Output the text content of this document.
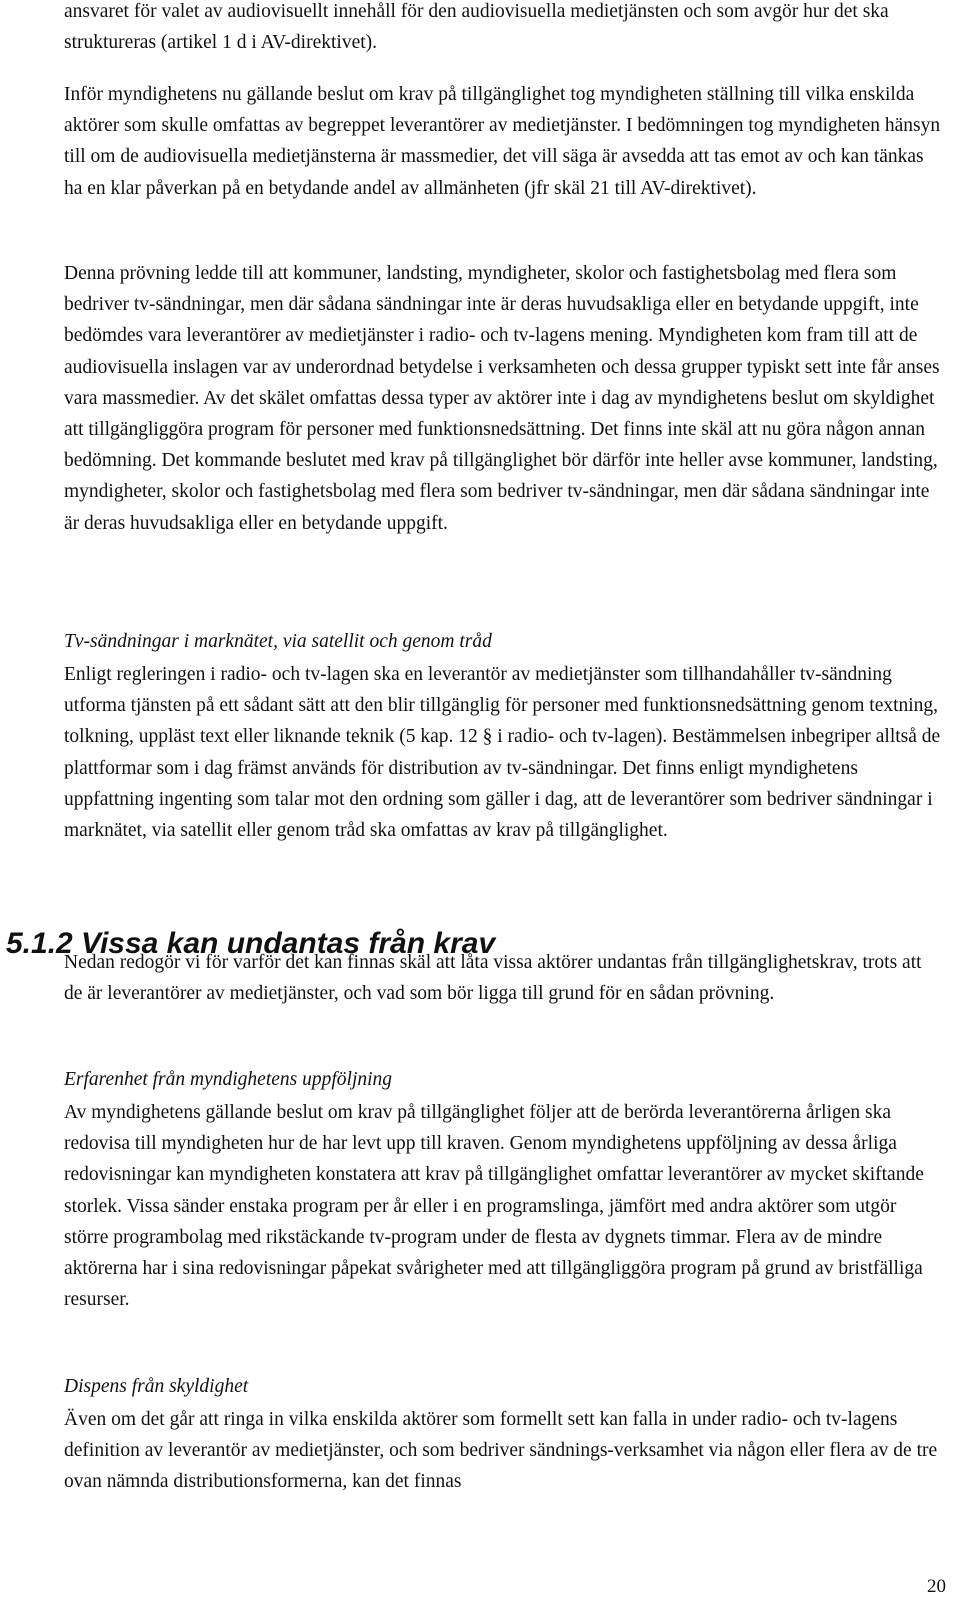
ansvaret för valet av audiovisuellt innehåll för den audiovisuella medietjänsten och som avgör hur det ska struktureras (artikel 1 d i AV-direktivet).

Inför myndighetens nu gällande beslut om krav på tillgänglighet tog myndigheten ställning till vilka enskilda aktörer som skulle omfattas av begreppet leverantörer av medietjänster. I bedömningen tog myndigheten hänsyn till om de audiovisuella medietjänsterna är massmedier, det vill säga är avsedda att tas emot av och kan tänkas ha en klar påverkan på en betydande andel av allmänheten (jfr skäl 21 till AV-direktivet).

Denna prövning ledde till att kommuner, landsting, myndigheter, skolor och fastighetsbolag med flera som bedriver tv-sändningar, men där sådana sändningar inte är deras huvudsakliga eller en betydande uppgift, inte bedömdes vara leverantörer av medietjänster i radio- och tv-lagens mening. Myndigheten kom fram till att de audiovisuella inslagen var av underordnad betydelse i verksamheten och dessa grupper typiskt sett inte får anses vara massmedier. Av det skälet omfattas dessa typer av aktörer inte i dag av myndighetens beslut om skyldighet att tillgängliggöra program för personer med funktionsnedsättning. Det finns inte skäl att nu göra någon annan bedömning. Det kommande beslutet med krav på tillgänglighet bör därför inte heller avse kommuner, landsting, myndigheter, skolor och fastighetsbolag med flera som bedriver tv-sändningar, men där sådana sändningar inte är deras huvudsakliga eller en betydande uppgift.

Tv-sändningar i marknätet, via satellit och genom tråd

Enligt regleringen i radio- och tv-lagen ska en leverantör av medietjänster som tillhandahåller tv-sändning utforma tjänsten på ett sådant sätt att den blir tillgänglig för personer med funktionsnedsättning genom textning, tolkning, uppläst text eller liknande teknik (5 kap. 12 § i radio- och tv-lagen). Bestämmelsen inbegriper alltså de plattformar som i dag främst används för distribution av tv-sändningar. Det finns enligt myndighetens uppfattning ingenting som talar mot den ordning som gäller i dag, att de leverantörer som bedriver sändningar i marknätet, via satellit eller genom tråd ska omfattas av krav på tillgänglighet.

5.1.2 Vissa kan undantas från krav

Nedan redogör vi för varför det kan finnas skäl att låta vissa aktörer undantas från tillgänglighetskrav, trots att de är leverantörer av medietjänster, och vad som bör ligga till grund för en sådan prövning.

Erfarenhet från myndighetens uppföljning

Av myndighetens gällande beslut om krav på tillgänglighet följer att de berörda leverantörerna årligen ska redovisa till myndigheten hur de har levt upp till kraven. Genom myndighetens uppföljning av dessa årliga redovisningar kan myndigheten konstatera att krav på tillgänglighet omfattar leverantörer av mycket skiftande storlek. Vissa sänder enstaka program per år eller i en programslinga, jämfört med andra aktörer som utgör större programbolag med rikstäckande tv-program under de flesta av dygnets timmar. Flera av de mindre aktörerna har i sina redovisningar påpekat svårigheter med att tillgängliggöra program på grund av bristfälliga resurser.

Dispens från skyldighet

Även om det går att ringa in vilka enskilda aktörer som formellt sett kan falla in under radio- och tv-lagens definition av leverantör av medietjänster, och som bedriver sändnings-verksamhet via någon eller flera av de tre ovan nämnda distributionsformerna, kan det finnas

20
